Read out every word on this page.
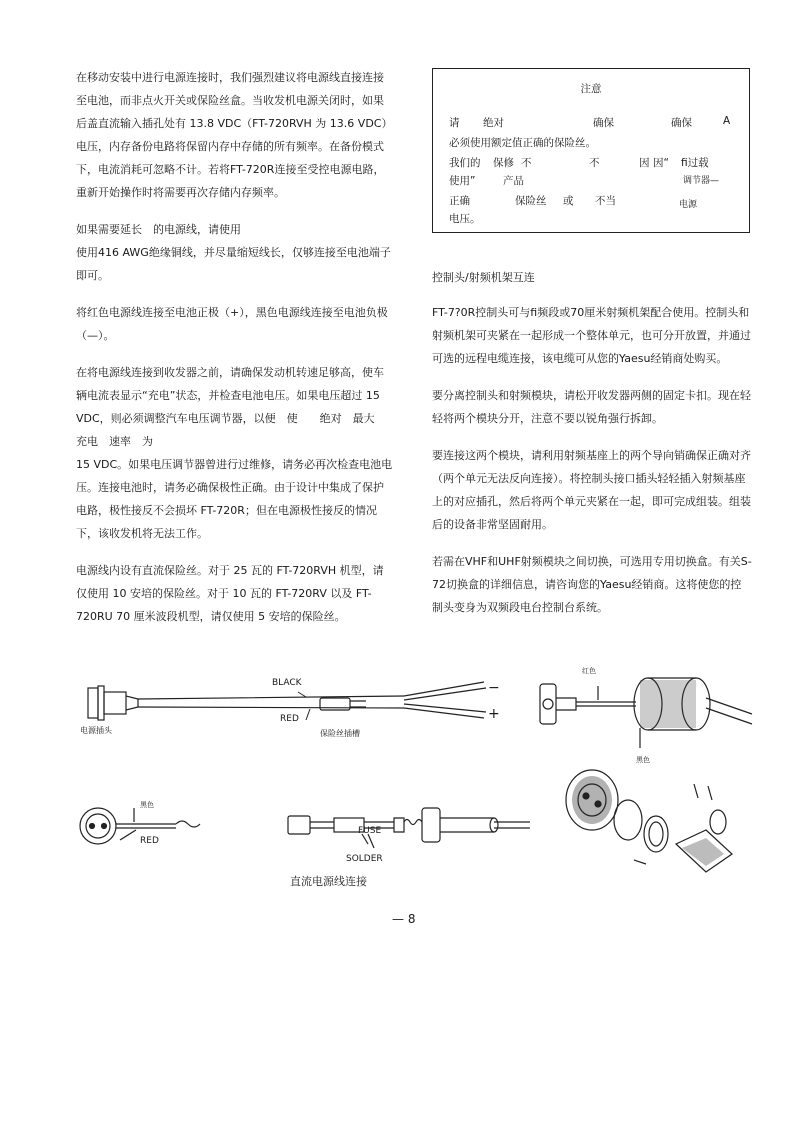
在移动安装中进行电源连接时，我们强烈建议将电源线直接连接至电池，而非点火开关或保险丝盒。当收发机电源关闭时，如果后盖直流输入插孔处有 13.8 VDC（FT-720RVH 为 13.6 VDC）电压，内存备份电路将保留内存中存储的所有频率。在备份模式下，电流消耗可忽略不计。若将FT-720R连接至受控电源电路，重新开始操作时将需要再次存储内存频率。

如果需要延长　的电源线，请使用
使用416 AWG绝缘铜线，并尽量缩短线长，仅够连接至电池端子即可。

将红色电源线连接至电池正极（+），黑色电源线连接至电池负极（—）。

在将电源线连接到收发器之前，请确保发动机转速足够高，使车辆电流表显示“充电”状态，并检查电池电压。如果电压超过 15 VDC，则必须调整汽车电压调节器，以便　使　　绝对　最大　充电　速率　为
15 VDC。如果电压调节器曾进行过维修，请务必再次检查电池电压。连接电池时，请务必确保极性正确。由于设计中集成了保护电路，极性接反不会损坏 FT-720R；但在电源极性接反的情况下，该收发机将无法工作。

电源线内设有直流保险丝。对于 25 瓦的 FT-720RVH 机型，请仅使用 10 安培的保险丝。对于 10 瓦的 FT-720RV 以及 FT-720RU 70 厘米波段机型，请仅使用 5 安培的保险丝。

注意
请 绝对	确保	确保	A
必须使用额定值正确的保险丝。
我们的 保修 不	不	因 因“ fi过载
使用”	产品	调节器—
正确	保险丝 或 不当	电源
电压。

控制头/射频机架互连

FT-7?0R控制头可与fi频段或70厘米射频机架配合使用。控制头和射频机架可夹紧在一起形成一个整体单元，也可分开放置，并通过可选的远程电缆连接，该电缆可从您的Yaesu经销商处购买。

要分离控制头和射频模块，请松开收发器两侧的固定卡扣。现在轻轻将两个模块分开，注意不要以锐角强行拆卸。

要连接这两个模块，请利用射频基座上的两个导向销确保正确对齐（两个单元无法反向连接）。将控制头接口插头轻轻插入射频基座上的对应插孔，然后将两个单元夹紧在一起，即可完成组装。组装后的设备非常坚固耐用。

若需在VHF和UHF射频模块之间切换，可选用专用切换盒。有关S-72切换盒的详细信息，请咨询您的Yaesu经销商。这将使您的控制头变身为双频段电台控制台系统。

BLACK
RED
−
+
电源插头	保险丝插槽
红色
黑色
黑色
RED
FUSE
SOLDER
直流电源线连接
— 8
